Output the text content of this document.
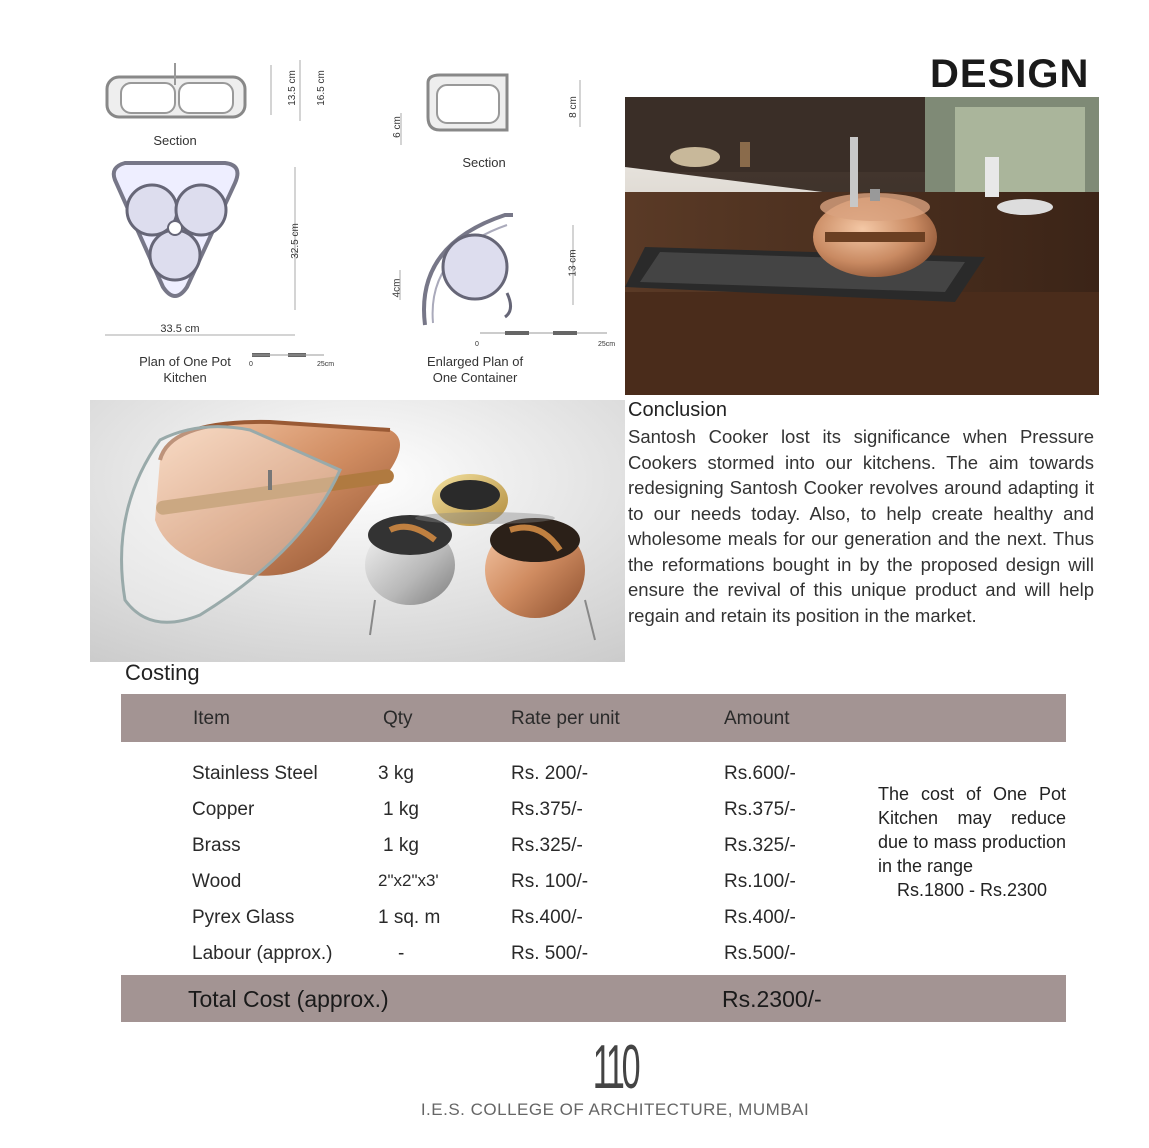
DESIGN
Section
13.5 cm	16.5 cm
Section
6 cm
8 cm
33.5 cm
32.5 cm
Plan of One Pot
Kitchen
0	25cm	Enlarged Plan of
One Container
4cm
13 cm
0	25cm
Conclusion
Santosh Cooker lost its significance when Pressure Cookers stormed into our kitchens. The aim towards redesigning Santosh Cooker revolves around adapting it to our needs today. Also, to help create healthy and wholesome meals for our generation and the next. Thus the reformations bought in by the proposed design will ensure the revival of this unique product and will help regain and retain its position in the market.
Costing
Item	Qty	Rate per unit	Amount
Stainless Steel	3 kg	Rs. 200/-	Rs.600/-
Copper	1 kg	Rs.375/-	Rs.375/-
Brass	1 kg	Rs.325/-	Rs.325/-
Wood	2"x2"x3'	Rs. 100/-	Rs.100/-
Pyrex Glass	1 sq. m	Rs.400/-	Rs.400/-
Labour (approx.)	-	Rs. 500/-	Rs.500/-
The cost of One Pot Kitchen may reduce due to mass production in the range
Rs.1800 - Rs.2300
Total Cost (approx.)	Rs.2300/-
110
I.E.S. COLLEGE OF ARCHITECTURE, MUMBAI
